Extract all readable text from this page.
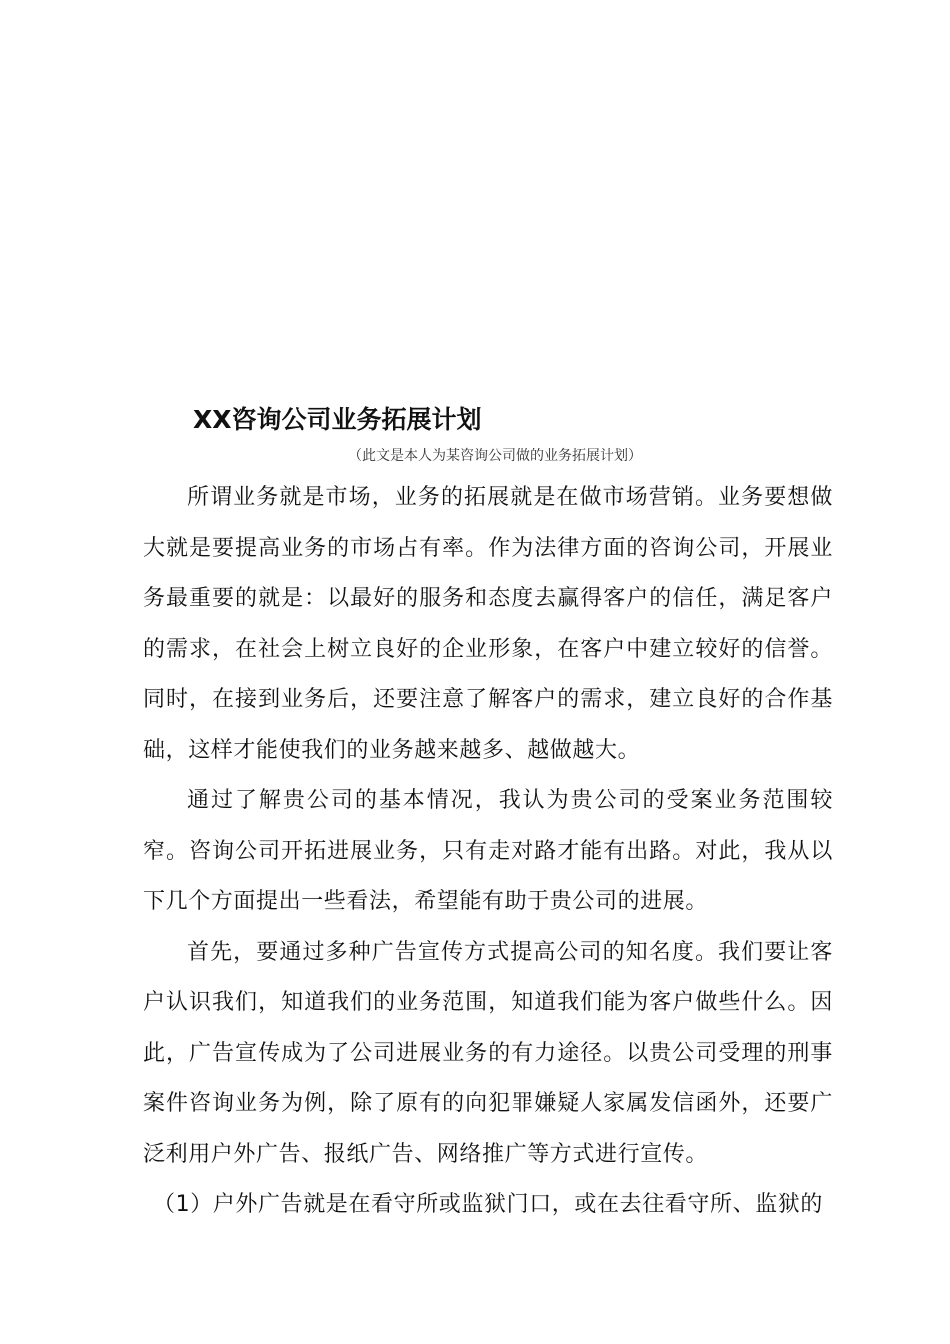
XX咨询公司业务拓展计划
（此文是本人为某咨询公司做的业务拓展计划）

所谓业务就是市场，业务的拓展就是在做市场营销。业务要想做大就是要提高业务的市场占有率。作为法律方面的咨询公司，开展业务最重要的就是：以最好的服务和态度去赢得客户的信任，满足客户的需求，在社会上树立良好的企业形象，在客户中建立较好的信誉。同时，在接到业务后，还要注意了解客户的需求，建立良好的合作基础，这样才能使我们的业务越来越多、越做越大。

通过了解贵公司的基本情况，我认为贵公司的受案业务范围较窄。咨询公司开拓进展业务，只有走对路才能有出路。对此，我从以下几个方面提出一些看法，希望能有助于贵公司的进展。

首先，要通过多种广告宣传方式提高公司的知名度。我们要让客户认识我们，知道我们的业务范围，知道我们能为客户做些什么。因此，广告宣传成为了公司进展业务的有力途径。以贵公司受理的刑事案件咨询业务为例，除了原有的向犯罪嫌疑人家属发信函外，还要广泛利用户外广告、报纸广告、网络推广等方式进行宣传。

（1）户外广告就是在看守所或监狱门口，或在去往看守所、监狱的
